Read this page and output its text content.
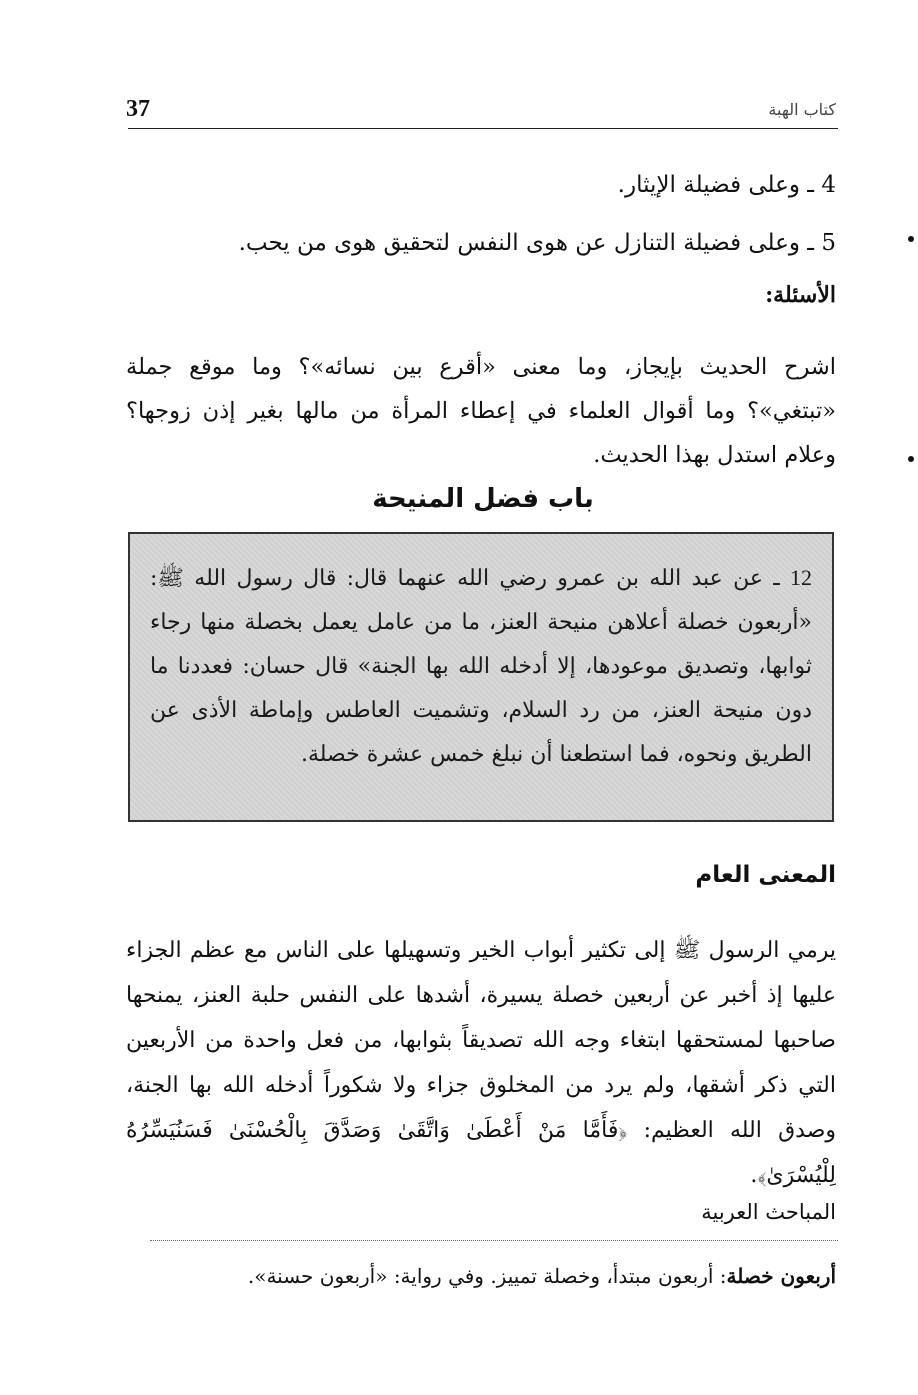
37	كتاب الهبة
4 ـ وعلى فضيلة الإيثار.
5 ـ وعلى فضيلة التنازل عن هوى النفس لتحقيق هوى من يحب.
الأسئلة:
اشرح الحديث بإيجاز، وما معنى «أقرع بين نسائه»؟ وما موقع جملة «تبتغي»؟ وما أقوال العلماء في إعطاء المرأة من مالها بغير إذن زوجها؟ وعلام استدل بهذا الحديث.
باب فضل المنيحة
12 ـ عن عبد الله بن عمرو رضي الله عنهما قال: قال رسول الله ﷺ: «أربعون خصلة أعلاهن منيحة العنز، ما من عامل يعمل بخصلة منها رجاء ثوابها، وتصديق موعودها، إلا أدخله الله بها الجنة» قال حسان: فعددنا ما دون منيحة العنز، من رد السلام، وتشميت العاطس وإماطة الأذى عن الطريق ونحوه، فما استطعنا أن نبلغ خمس عشرة خصلة.
المعنى العام
يرمي الرسول ﷺ إلى تكثير أبواب الخير وتسهيلها على الناس مع عظم الجزاء عليها إذ أخبر عن أربعين خصلة يسيرة، أشدها على النفس حلبة العنز، يمنحها صاحبها لمستحقها ابتغاء وجه الله تصديقاً بثوابها، من فعل واحدة من الأربعين التي ذكر أشقها، ولم يرد من المخلوق جزاء ولا شكوراً أدخله الله بها الجنة، وصدق الله العظيم: ﴿فَأَمَّا مَنْ أَعْطَىٰ وَاتَّقَىٰ وَصَدَّقَ بِالْحُسْنَىٰ فَسَنُيَسِّرُهُ لِلْيُسْرَىٰ﴾.
المباحث العربية
أربعون خصلة: أربعون مبتدأ، وخصلة تمييز. وفي رواية: «أربعون حسنة».
